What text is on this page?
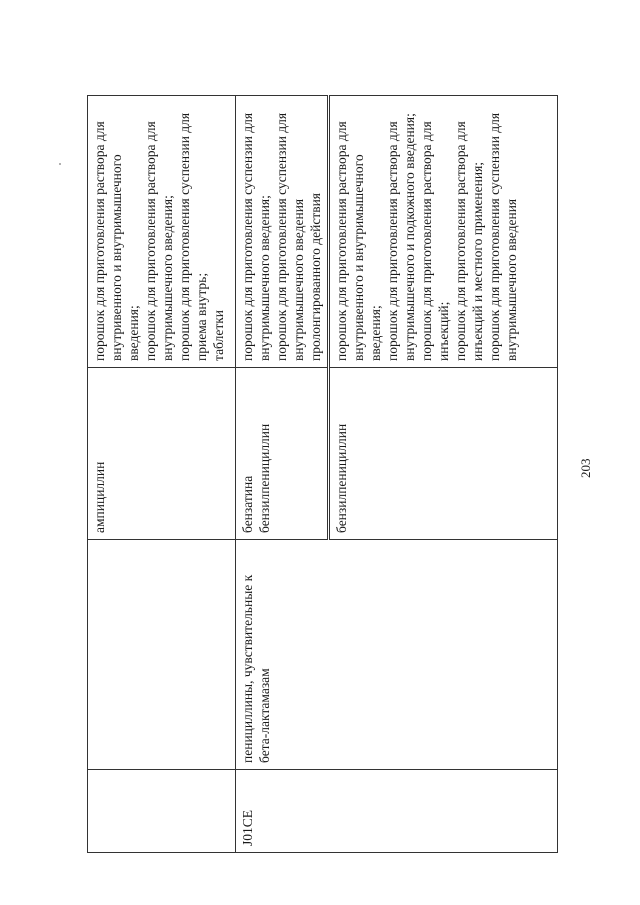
		ампициллин	порошок для приготовления раствора для внутривенного и внутримышечного введения; порошок для приготовления раствора для внутримышечного введения; порошок для приготовления суспензии для приема внутрь; таблетки

J01CE	пенициллины, чувствительные к бета-лактамазам	бензатина бензилпенициллин	порошок для приготовления суспензии для внутримышечного введения; порошок для приготовления суспензии для внутримышечного введения пролонгированного действия

		бензилпенициллин	порошок для приготовления раствора для внутривенного и внутримышечного введения; порошок для приготовления раствора для внутримышечного и подкожного введения; порошок для приготовления раствора для инъекций; порошок для приготовления раствора для инъекций и местного применения; порошок для приготовления суспензии для внутримышечного введения
203
